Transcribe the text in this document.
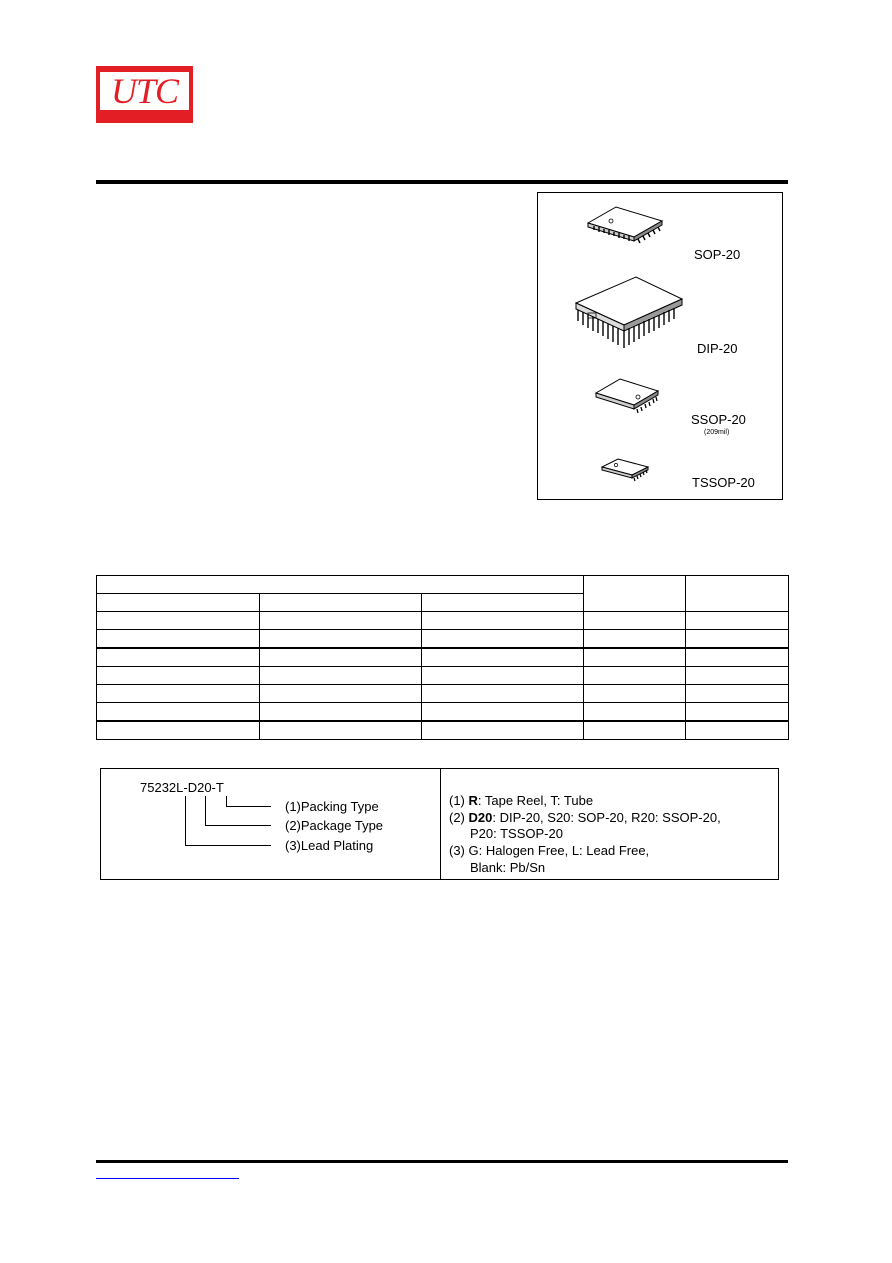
UTC
SOP-20
DIP-20
SSOP-20
(209mil)
TSSOP-20

75232L-D20-T
(1)Packing Type
(2)Package Type
(3)Lead Plating
(1) R: Tape Reel, T: Tube
(2) D20: DIP-20, S20: SOP-20, R20: SSOP-20,
P20: TSSOP-20
(3) G: Halogen Free, L: Lead Free,
Blank: Pb/Sn
